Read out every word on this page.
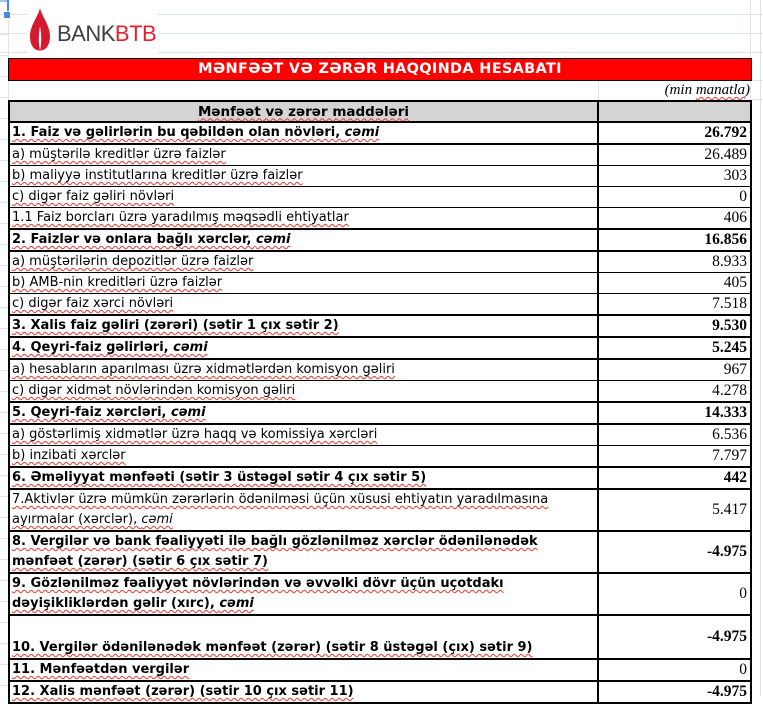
BANKBTB
MƏNFƏƏT VƏ ZƏRƏR HAQQINDA HESABATI
(min manatla)
Mənfəət və zərər maddələri	
1. Faiz və gəlirlərin bu qəbildən olan növləri, cəmi	26.792
a) müştərilə kreditlər üzrə faizlər	26.489
b) maliyyə institutlarına kreditlər üzrə faizlər	303
c) digər faiz gəliri növləri	0
1.1 Faiz borcları üzrə yaradılmış məqsədli ehtiyatlar	406
2. Faizlər və onlara bağlı xərclər, cəmi	16.856
a) müştərilərin depozitlər üzrə faizlər	8.933
b) AMB-nin kreditləri üzrə faizlər	405
c) digər faiz xərci növləri	7.518
3. Xalis faiz gəliri (zərəri) (sətir 1 çıx sətir 2)	9.530
4. Qeyri-faiz gəlirləri, cəmi	5.245
a) hesabların aparılması üzrə xidmətlərdən komisyon gəliri	967
c) digər xidmət növlərindən komisyon gəliri	4.278
5. Qeyri-faiz xərcləri, cəmi	14.333
a) göstərlimiş xidmətlər üzrə haqq və komissiya xərcləri	6.536
b) inzibati xərclər	7.797
6. Əməliyyat mənfəəti (sətir 3 üstəgəl sətir 4 çıx sətir 5)	442
7.Aktivlər üzrə mümkün zərərlərin ödənilməsi üçün xüsusi ehtiyatın yaradılmasına ayırmalar (xərclər), cəmi	5.417
8. Vergilər və bank fəaliyyəti ilə bağlı gözlənilməz xərclər ödənilənədək mənfəət (zərər) (sətir 6 çıx sətir 7)	-4.975
9. Gözlənilməz fəaliyyət növlərindən və əvvəlki dövr üçün uçotdakı dəyişikliklərdən gəlir (xırc), cəmi	0
10. Vergilər ödənilənədək mənfəət (zərər) (sətir 8 üstəgəl (çıx) sətir 9)	-4.975
11. Mənfəətdən vergilər	0
12. Xalis mənfəət (zərər) (sətir 10 çıx sətir 11)	-4.975
